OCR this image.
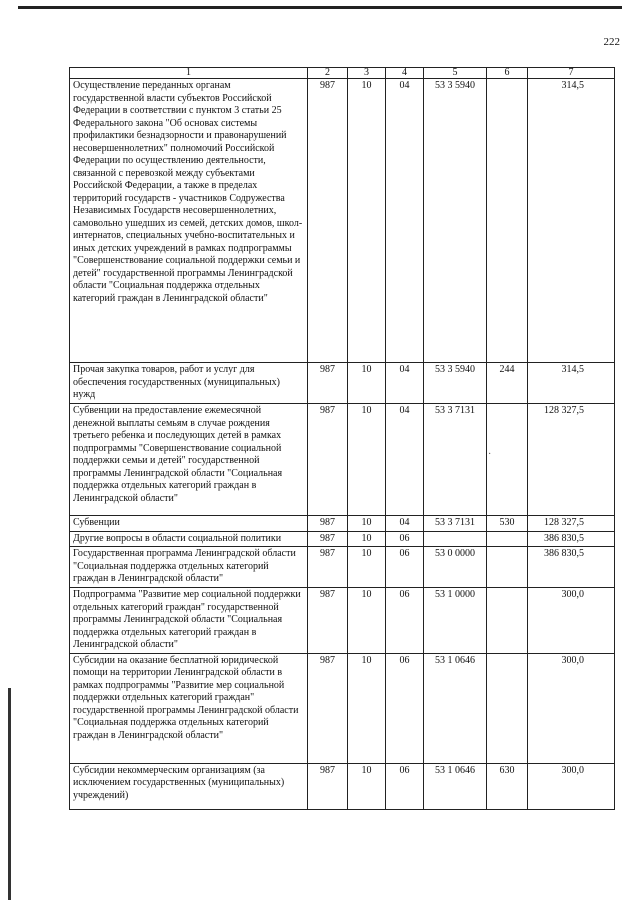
222
·
1	2	3	4	5	6	7
Осуществление переданных органам государственной власти субъектов Российской Федерации в соответствии с пунктом 3 статьи 25 Федерального закона "Об основах системы профилактики безнадзорности и правонарушений несовершеннолетних" полномочий Российской Федерации по осуществлению деятельности, связанной с перевозкой между субъектами Российской Федерации, а также в пределах территорий государств - участников Содружества Независимых Государств несовершеннолетних, самовольно ушедших из семей, детских домов, школ-интернатов, специальных учебно-воспитательных и иных детских учреждений в рамках подпрограммы "Совершенствование социальной поддержки семьи и детей" государственной программы Ленинградской области "Социальная поддержка отдельных категорий граждан в Ленинградской области"	987	10	04	53 3 5940		314,5
Прочая закупка товаров, работ и услуг для обеспечения государственных (муниципальных) нужд	987	10	04	53 3 5940	244	314,5
Субвенции на предоставление ежемесячной денежной выплаты семьям в случае рождения третьего ребенка и последующих детей в рамках подпрограммы "Совершенствование социальной поддержки семьи и детей" государственной программы Ленинградской области "Социальная поддержка отдельных категорий граждан в Ленинградской области"	987	10	04	53 3 7131		128 327,5
Субвенции	987	10	04	53 3 7131	530	128 327,5
Другие вопросы в области социальной политики	987	10	06			386 830,5
Государственная программа Ленинградской области "Социальная поддержка отдельных категорий граждан в Ленинградской области"	987	10	06	53 0 0000		386 830,5
Подпрограмма "Развитие мер социальной поддержки отдельных категорий граждан" государственной программы Ленинградской области "Социальная поддержка отдельных категорий граждан в Ленинградской области"	987	10	06	53 1 0000		300,0
Субсидии на оказание бесплатной юридической помощи на территории Ленинградской области в рамках подпрограммы "Развитие мер социальной поддержки отдельных категорий граждан" государственной программы Ленинградской области "Социальная поддержка отдельных категорий граждан в Ленинградской области"	987	10	06	53 1 0646		300,0
Субсидии некоммерческим организациям (за исключением государственных (муниципальных) учреждений)	987	10	06	53 1 0646	630	300,0
